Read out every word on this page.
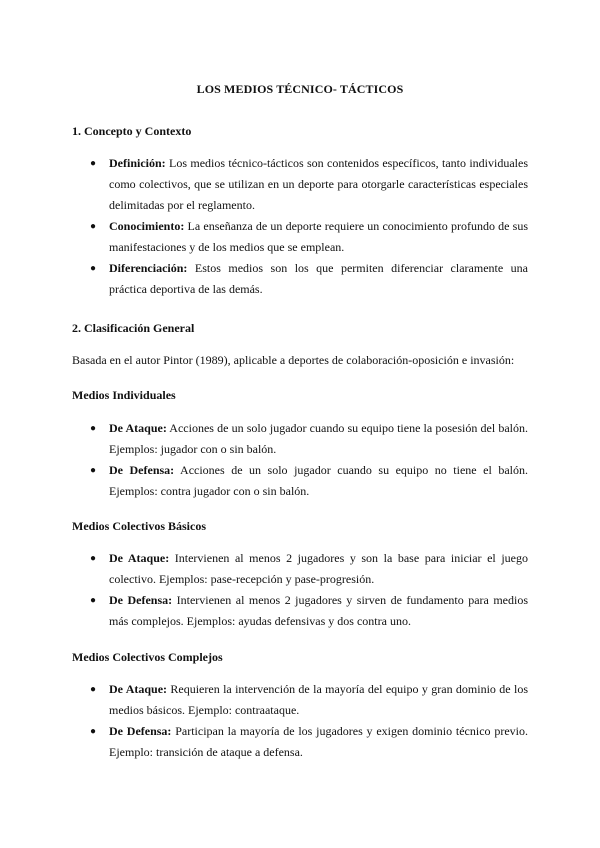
LOS MEDIOS TÉCNICO- TÁCTICOS
1. Concepto y Contexto
● Definición: Los medios técnico-tácticos son contenidos específicos, tanto individuales como colectivos, que se utilizan en un deporte para otorgarle características especiales delimitadas por el reglamento.
● Conocimiento: La enseñanza de un deporte requiere un conocimiento profundo de sus manifestaciones y de los medios que se emplean.
● Diferenciación: Estos medios son los que permiten diferenciar claramente una práctica deportiva de las demás.
2. Clasificación General
Basada en el autor Pintor (1989), aplicable a deportes de colaboración-oposición e invasión:
Medios Individuales
● De Ataque: Acciones de un solo jugador cuando su equipo tiene la posesión del balón. Ejemplos: jugador con o sin balón.
● De Defensa: Acciones de un solo jugador cuando su equipo no tiene el balón. Ejemplos: contra jugador con o sin balón.
Medios Colectivos Básicos
● De Ataque: Intervienen al menos 2 jugadores y son la base para iniciar el juego colectivo. Ejemplos: pase-recepción y pase-progresión.
● De Defensa: Intervienen al menos 2 jugadores y sirven de fundamento para medios más complejos. Ejemplos: ayudas defensivas y dos contra uno.
Medios Colectivos Complejos
● De Ataque: Requieren la intervención de la mayoría del equipo y gran dominio de los medios básicos. Ejemplo: contraataque.
● De Defensa: Participan la mayoría de los jugadores y exigen dominio técnico previo. Ejemplo: transición de ataque a defensa.
